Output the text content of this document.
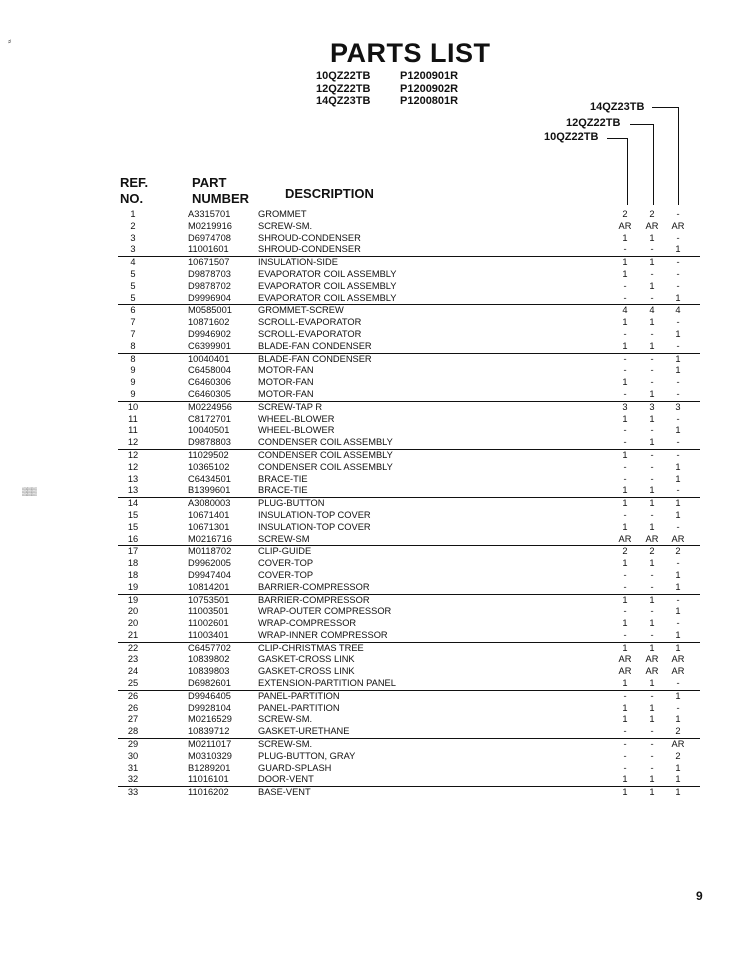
PARTS LIST
10QZ22TB	P1200901R
12QZ22TB	P1200902R
14QZ23TB	P1200801R	14QZ23TB
12QZ22TB
10QZ22TB
REF.
NO.
PART
NUMBER	DESCRIPTION
1	A3315701	GROMMET	2	2	-
2	M0219916	SCREW-SM.	AR	AR	AR
3	D6974708	SHROUD-CONDENSER	1	1	-
3	11001601	SHROUD-CONDENSER	-	-	1
4	10671507	INSULATION-SIDE	1	1	-
5	D9878703	EVAPORATOR COIL ASSEMBLY	1	-	-
5	D9878702	EVAPORATOR COIL ASSEMBLY	-	1	-
5	D9996904	EVAPORATOR COIL ASSEMBLY	-	-	1
6	M0585001	GROMMET-SCREW	4	4	4
7	10871602	SCROLL-EVAPORATOR	1	1	-
7	D9946902	SCROLL-EVAPORATOR	-	-	1
8	C6399901	BLADE-FAN CONDENSER	1	1	-
8	10040401	BLADE-FAN CONDENSER	-	-	1
9	C6458004	MOTOR-FAN	-	-	1
9	C6460306	MOTOR-FAN	1	-	-
9	C6460305	MOTOR-FAN	-	1	-
10	M0224956	SCREW-TAP R	3	3	3
11	C8172701	WHEEL-BLOWER	1	1	-
11	10040501	WHEEL-BLOWER	-	-	1
12	D9878803	CONDENSER COIL ASSEMBLY	-	1	-
12	11029502	CONDENSER COIL ASSEMBLY	1	-	-
12	10365102	CONDENSER COIL ASSEMBLY	-	-	1
13	C6434501	BRACE-TIE	-	-	1
13	B1399601	BRACE-TIE	1	1	-
14	A3080003	PLUG-BUTTON	1	1	1
15	10671401	INSULATION-TOP COVER	-	-	1
15	10671301	INSULATION-TOP COVER	1	1	-
16	M0216716	SCREW-SM	AR	AR	AR
17	M0118702	CLIP-GUIDE	2	2	2
18	D9962005	COVER-TOP	1	1	-
18	D9947404	COVER-TOP	-	-	1
19	10814201	BARRIER-COMPRESSOR	-	-	1
19	10753501	BARRIER-COMPRESSOR	1	1	-
20	11003501	WRAP-OUTER COMPRESSOR	-	-	1
20	11002601	WRAP-COMPRESSOR	1	1	-
21	11003401	WRAP-INNER COMPRESSOR	-	-	1
22	C6457702	CLIP-CHRISTMAS TREE	1	1	1
23	10839802	GASKET-CROSS LINK	AR	AR	AR
24	10839803	GASKET-CROSS LINK	AR	AR	AR
25	D6982601	EXTENSION-PARTITION PANEL	1	1	-
26	D9946405	PANEL-PARTITION	-	-	1
26	D9928104	PANEL-PARTITION	1	1	-
27	M0216529	SCREW-SM.	1	1	1
28	10839712	GASKET-URETHANE	-	-	2
29	M0211017	SCREW-SM.	-	-	AR
30	M0310329	PLUG-BUTTON, GRAY	-	-	2
31	B1289201	GUARD-SPLASH	-	-	1
32	11016101	DOOR-VENT	1	1	1
33	11016202	BASE-VENT	1	1	1
9
⸗
▒▒▒
